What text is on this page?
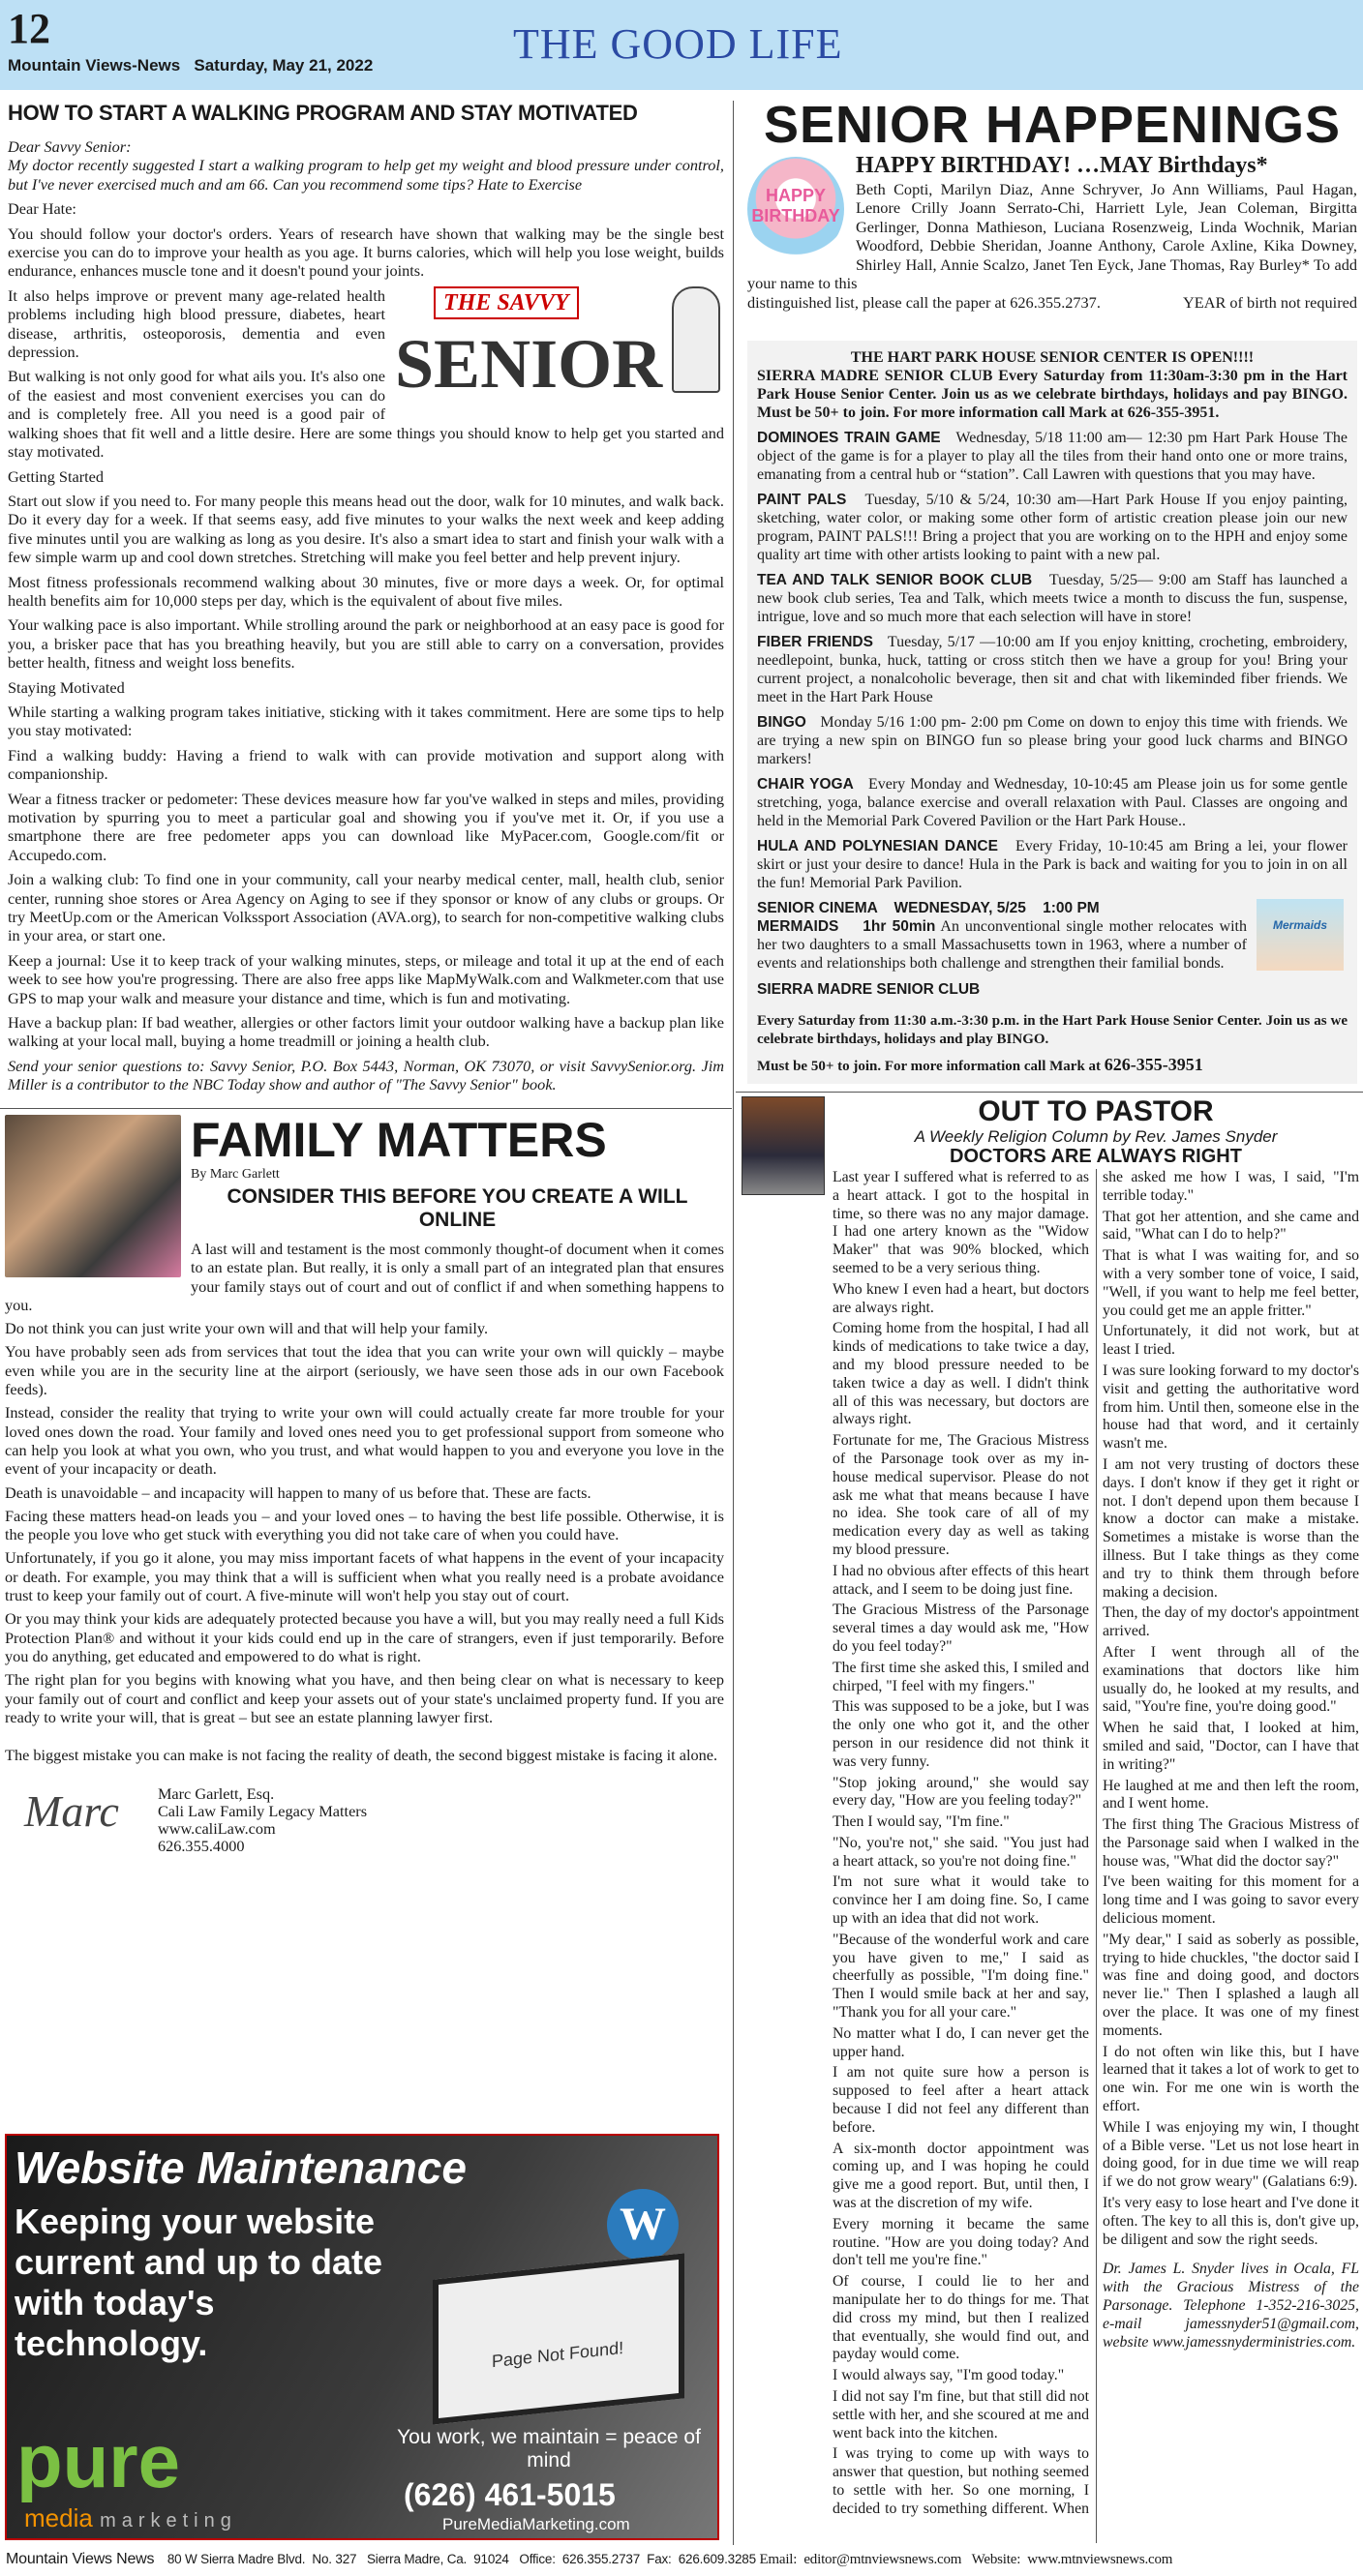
12
Mountain Views-News   Saturday, May 21, 2022	THE GOOD LIFE
HOW TO START A WALKING PROGRAM AND STAY MOTIVATED

Dear Savvy Senior:

My doctor recently suggested I start a walking program to help get my weight and blood pressure under control, but I've never exercised much and am 66. Can you recommend some tips? Hate to Exercise

Dear Hate:

You should follow your doctor's orders. Years of research have shown that walking may be the single best exercise you can do to improve your health as you age. It burns calories, which will help you lose weight, builds endurance, enhances muscle tone and it doesn't pound your joints.

SENIOR
THE SAVVY

It also helps improve or prevent many age-related health problems including high blood pressure, diabetes, heart disease, arthritis, osteoporosis, dementia and even depression.

But walking is not only good for what ails you. It's also one of the easiest and most convenient exercises you can do and is completely free. All you need is a good pair of walking shoes that fit well and a little desire. Here are some things you should know to help get you started and stay motivated.

Getting Started

Start out slow if you need to. For many people this means head out the door, walk for 10 minutes, and walk back. Do it every day for a week. If that seems easy, add five minutes to your walks the next week and keep adding five minutes until you are walking as long as you desire. It's also a smart idea to start and finish your walk with a few simple warm up and cool down stretches. Stretching will make you feel better and help prevent injury.

Most fitness professionals recommend walking about 30 minutes, five or more days a week. Or, for optimal health benefits aim for 10,000 steps per day, which is the equivalent of about five miles.

Your walking pace is also important. While strolling around the park or neighborhood at an easy pace is good for you, a brisker pace that has you breathing heavily, but you are still able to carry on a conversation, provides better health, fitness and weight loss benefits.

Staying Motivated

While starting a walking program takes initiative, sticking with it takes commitment. Here are some tips to help you stay motivated:

Find a walking buddy: Having a friend to walk with can provide motivation and support along with companionship.

Wear a fitness tracker or pedometer: These devices measure how far you've walked in steps and miles, providing motivation by spurring you to meet a particular goal and showing you if you've met it. Or, if you use a smartphone there are free pedometer apps you can download like MyPacer.com, Google.com/fit or Accupedo.com.

Join a walking club: To find one in your community, call your nearby medical center, mall, health club, senior center, running shoe stores or Area Agency on Aging to see if they sponsor or know of any clubs or groups. Or try MeetUp.com or the American Volkssport Association (AVA.org), to search for non-competitive walking clubs in your area, or start one.

Keep a journal: Use it to keep track of your walking minutes, steps, or mileage and total it up at the end of each week to see how you're progressing. There are also free apps like MapMyWalk.com and Walkmeter.com that use GPS to map your walk and measure your distance and time, which is fun and motivating.

Have a backup plan: If bad weather, allergies or other factors limit your outdoor walking have a backup plan like walking at your local mall, buying a home treadmill or joining a health club.

Send your senior questions to: Savvy Senior, P.O. Box 5443, Norman, OK 73070, or visit SavvySenior.org. Jim Miller is a contributor to the NBC Today show and author of "The Savvy Senior" book.

FAMILY MATTERS
By Marc Garlett
CONSIDER THIS BEFORE YOU CREATE A WILL ONLINE

A last will and testament is the most commonly thought-of document when it comes to an estate plan. But really, it is only a small part of an integrated plan that ensures your family stays out of court and out of conflict if and when something happens to you.

Do not think you can just write your own will and that will help your family.

You have probably seen ads from services that tout the idea that you can write your own will quickly – maybe even while you are in the security line at the airport (seriously, we have seen those ads in our own Facebook feeds).

Instead, consider the reality that trying to write your own will could actually create far more trouble for your loved ones down the road. Your family and loved ones need you to get professional support from someone who can help you look at what you own, who you trust, and what would happen to you and everyone you love in the event of your incapacity or death.

Death is unavoidable – and incapacity will happen to many of us before that. These are facts.

Facing these matters head-on leads you – and your loved ones – to having the best life possible. Otherwise, it is the people you love who get stuck with everything you did not take care of when you could have.

Unfortunately, if you go it alone, you may miss important facets of what happens in the event of your incapacity or death. For example, you may think that a will is sufficient when what you really need is a probate avoidance trust to keep your family out of court. A five-minute will won't help you stay out of court.

Or you may think your kids are adequately protected because you have a will, but you may really need a full Kids Protection Plan® and without it your kids could end up in the care of strangers, even if just temporarily. Before you do anything, get educated and empowered to do what is right.

The right plan for you begins with knowing what you have, and then being clear on what is necessary to keep your family out of court and conflict and keep your assets out of your state's unclaimed property fund. If you are ready to write your will, that is great – but see an estate planning lawyer first.

The biggest mistake you can make is not facing the reality of death, the second biggest mistake is facing it alone.

Marc Marc Garlett, Esq.
Cali Law Family Legacy Matters
www.caliLaw.com
626.355.4000
Website Maintenance
Keeping your website current and up to date with today's technology.
W
Page Not Found!
pure
media marketing
You work, we maintain = peace of mind
(626) 461-5015
PureMediaMarketing.com
SENIOR HAPPENINGS
HAPPY BIRTHDAY
HAPPY BIRTHDAY! …MAY Birthdays*

Beth Copti, Marilyn Diaz, Anne Schryver, Jo Ann Williams, Paul Hagan, Lenore Crilly Joann Serrato-Chi, Harriett Lyle, Jean Coleman, Birgitta Gerlinger, Donna Mathieson, Luciana Rosenzweig, Linda Wochnik, Marian Woodford, Debbie Sheridan, Joanne Anthony, Carole Axline, Kika Downey, Shirley Hall, Annie Scalzo, Janet Ten Eyck, Jane Thomas, Ray Burley* To add your name to this

distinguished list, please call the paper at 626.355.2737.	YEAR of birth not required

THE HART PARK HOUSE SENIOR CENTER IS OPEN!!!!

SIERRA MADRE SENIOR CLUB Every Saturday from 11:30am-3:30 pm in the Hart Park House Senior Center. Join us as we celebrate birthdays, holidays and pay BINGO. Must be 50+ to join. For more information call Mark at 626-355-3951.

DOMINOES TRAIN GAME Wednesday, 5/18 11:00 am— 12:30 pm Hart Park House The object of the game is for a player to play all the tiles from their hand onto one or more trains, emanating from a central hub or “station”. Call Lawren with questions that you may have.

PAINT PALS Tuesday, 5/10 & 5/24, 10:30 am—Hart Park House If you enjoy painting, sketching, water color, or making some other form of artistic creation please join our new program, PAINT PALS!!! Bring a project that you are working on to the HPH and enjoy some quality art time with other artists looking to paint with a new pal.

TEA AND TALK SENIOR BOOK CLUB Tuesday, 5/25— 9:00 am Staff has launched a new book club series, Tea and Talk, which meets twice a month to discuss the fun, suspense, intrigue, love and so much more that each selection will have in store!

FIBER FRIENDS Tuesday, 5/17 —10:00 am If you enjoy knitting, crocheting, embroidery, needlepoint, bunka, huck, tatting or cross stitch then we have a group for you! Bring your current project, a nonalcoholic beverage, then sit and chat with likeminded fiber friends. We meet in the Hart Park House

BINGO Monday 5/16 1:00 pm- 2:00 pm Come on down to enjoy this time with friends. We are trying a new spin on BINGO fun so please bring your good luck charms and BINGO markers!

CHAIR YOGA Every Monday and Wednesday, 10-10:45 am Please join us for some gentle stretching, yoga, balance exercise and overall relaxation with Paul. Classes are ongoing and held in the Memorial Park Covered Pavilion or the Hart Park House..

HULA AND POLYNESIAN DANCE Every Friday, 10-10:45 am Bring a lei, your flower skirt or just your desire to dance! Hula in the Park is back and waiting for you to join in on all the fun! Memorial Park Pavilion.

Mermaids
SENIOR CINEMA    WEDNESDAY, 5/25    1:00 PM

MERMAIDS    1hr 50min An unconventional single mother relocates with her two daughters to a small Massachusetts town in 1963, where a number of events and relationships both challenge and strengthen their familial bonds.

SIERRA MADRE SENIOR CLUB

Every Saturday from 11:30 a.m.-3:30 p.m. in the Hart Park House Senior Center. Join us as we celebrate birthdays, holidays and play BINGO.

Must be 50+ to join. For more information call Mark at 626-355-3951

OUT TO PASTOR
A Weekly Religion Column by Rev. James Snyder
DOCTORS ARE ALWAYS RIGHT

Last year I suffered what is referred to as a heart attack. I got to the hospital in time, so there was no any major damage. I had one artery known as the "Widow Maker" that was 90% blocked, which seemed to be a very serious thing.

Who knew I even had a heart, but doctors are always right.

Coming home from the hospital, I had all kinds of medications to take twice a day, and my blood pressure needed to be taken twice a day as well. I didn't think all of this was necessary, but doctors are always right.

Fortunate for me, The Gracious Mistress of the Parsonage took over as my in-house medical supervisor. Please do not ask me what that means because I have no idea. She took care of all of my medication every day as well as taking my blood pressure.

I had no obvious after effects of this heart attack, and I seem to be doing just fine.

The Gracious Mistress of the Parsonage several times a day would ask me, "How do you feel today?"

The first time she asked this, I smiled and chirped, "I feel with my fingers."

This was supposed to be a joke, but I was the only one who got it, and the other person in our residence did not think it was very funny.

"Stop joking around," she would say every day, "How are you feeling today?"

Then I would say, "I'm fine."

"No, you're not," she said. "You just had a heart attack, so you're not doing fine."

I'm not sure what it would take to convince her I am doing fine. So, I came up with an idea that did not work.

"Because of the wonderful work and care you have given to me," I said as cheerfully as possible, "I'm doing fine." Then I would smile back at her and say, "Thank you for all your care."

No matter what I do, I can never get the upper hand.

I am not quite sure how a person is supposed to feel after a heart attack because I did not feel any different than before.

A six-month doctor appointment was coming up, and I was hoping he could give me a good report. But, until then, I was at the discretion of my wife.

Every morning it became the same routine. "How are you doing today? And don't tell me you're fine."

Of course, I could lie to her and manipulate her to do things for me. That did cross my mind, but then I realized that eventually, she would find out, and payday would come.

I would always say, "I'm good today."

I did not say I'm fine, but that still did not settle with her, and she scoured at me and went back into the kitchen.

I was trying to come up with ways to answer that question, but nothing seemed to settle with her. So one morning, I decided to try something different. When she asked me how I was, I said, "I'm terrible today."

That got her attention, and she came and said, "What can I do to help?"

That is what I was waiting for, and so with a very somber tone of voice, I said, "Well, if you want to help me feel better, you could get me an apple fritter."

Unfortunately, it did not work, but at least I tried.

I was sure looking forward to my doctor's visit and getting the authoritative word from him. Until then, someone else in the house had that word, and it certainly wasn't me.

I am not very trusting of doctors these days. I don't know if they get it right or not. I don't depend upon them because I know a doctor can make a mistake. Sometimes a mistake is worse than the illness. But I take things as they come and try to think them through before making a decision.

Then, the day of my doctor's appointment arrived.

After I went through all of the examinations that doctors like him usually do, he looked at my results, and said, "You're fine, you're doing good."

When he said that, I looked at him, smiled and said, "Doctor, can I have that in writing?"

He laughed at me and then left the room, and I went home.

The first thing The Gracious Mistress of the Parsonage said when I walked in the house was, "What did the doctor say?"

I've been waiting for this moment for a long time and I was going to savor every delicious moment.

"My dear," I said as soberly as possible, trying to hide chuckles, "the doctor said I was fine and doing good, and doctors never lie." Then I splashed a laugh all over the place. It was one of my finest moments.

I do not often win like this, but I have learned that it takes a lot of work to get to one win. For me one win is worth the effort.

While I was enjoying my win, I thought of a Bible verse. "Let us not lose heart in doing good, for in due time we will reap if we do not grow weary" (Galatians 6:9).

It's very easy to lose heart and I've done it often. The key to all this is, don't give up, be diligent and sow the right seeds.

Dr. James L. Snyder lives in Ocala, FL with the Gracious Mistress of the Parsonage. Telephone 1-352-216-3025, e-mail jamessnyder51@gmail.com, website www.jamessnyderministries.com.

Mountain Views News 80 W Sierra Madre Blvd.  No. 327   Sierra Madre, Ca.  91024   Office:  626.355.2737  Fax:  626.609.3285 Email:  editor@mtnviewsnews.com   Website:  www.mtnviewsnews.com
